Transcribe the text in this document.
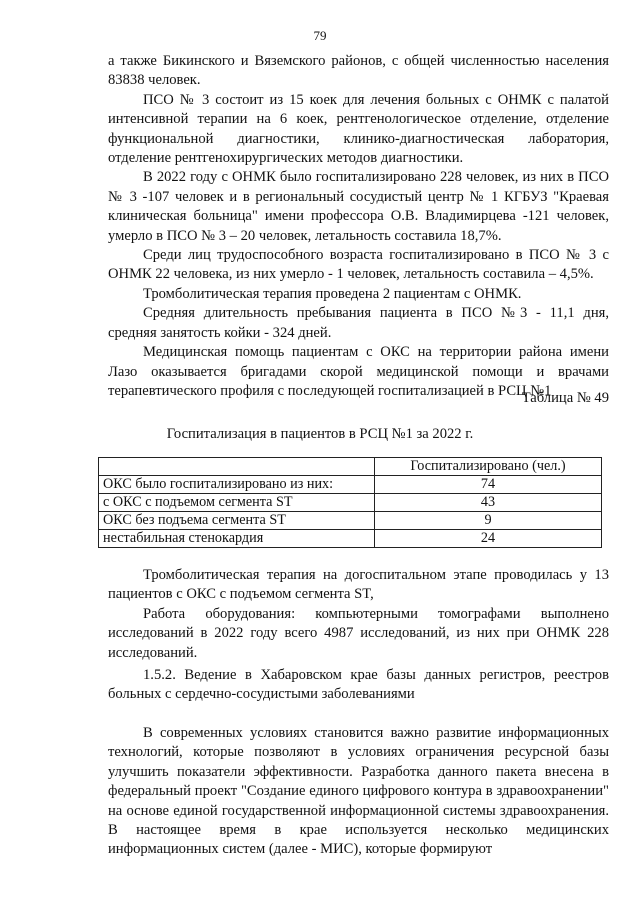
79

а также Бикинского и Вяземского районов, с общей численностью населения 83838 человек.

ПСО № 3 состоит из 15 коек для лечения больных с ОНМК с палатой интенсивной терапии на 6 коек, рентгенологическое отделение, отделение функциональной диагностики, клинико-диагностическая лаборатория, отделение рентгенохирургических методов диагностики.

В 2022 году с ОНМК было госпитализировано 228 человек, из них в ПСО № 3 -107 человек и в региональный сосудистый центр № 1 КГБУЗ "Краевая клиническая больница" имени профессора О.В. Владимирцева -121 человек, умерло в ПСО № 3 – 20 человек, летальность составила 18,7%.

Среди лиц трудоспособного возраста госпитализировано в ПСО № 3 с ОНМК 22 человека, из них умерло - 1 человек, летальность составила – 4,5%.

Тромболитическая терапия проведена 2 пациентам с ОНМК.

Средняя длительность пребывания пациента в ПСО №3 - 11,1 дня, средняя занятость койки - 324 дней.

Медицинская помощь пациентам с ОКС на территории района имени Лазо оказывается бригадами скорой медицинской помощи и врачами терапевтического профиля с последующей госпитализацией в РСЦ №1

Таблица № 49
Госпитализация в пациентов в РСЦ №1 за 2022 г.
	Госпитализировано (чел.)
ОКС было госпитализировано из них:	74
с ОКС с подъемом сегмента ST	43
ОКС без подъема сегмента ST	9
нестабильная стенокардия	24

Тромболитическая терапия на догоспитальном этапе проводилась у 13 пациентов с ОКС с подъемом сегмента ST,

Работа оборудования: компьютерными томографами выполнено исследований в 2022 году всего 4987 исследований, из них при ОНМК 228 исследований.

1.5.2. Ведение в Хабаровском крае базы данных регистров, реестров больных с сердечно-сосудистыми заболеваниями

В современных условиях становится важно развитие информационных технологий, которые позволяют в условиях ограничения ресурсной базы улучшить показатели эффективности. Разработка данного пакета внесена в федеральный проект "Создание единого цифрового контура в здравоохранении" на основе единой государственной информационной системы здравоохранения. В настоящее время в крае используется несколько медицинских информационных систем (далее - МИС), которые формируют
